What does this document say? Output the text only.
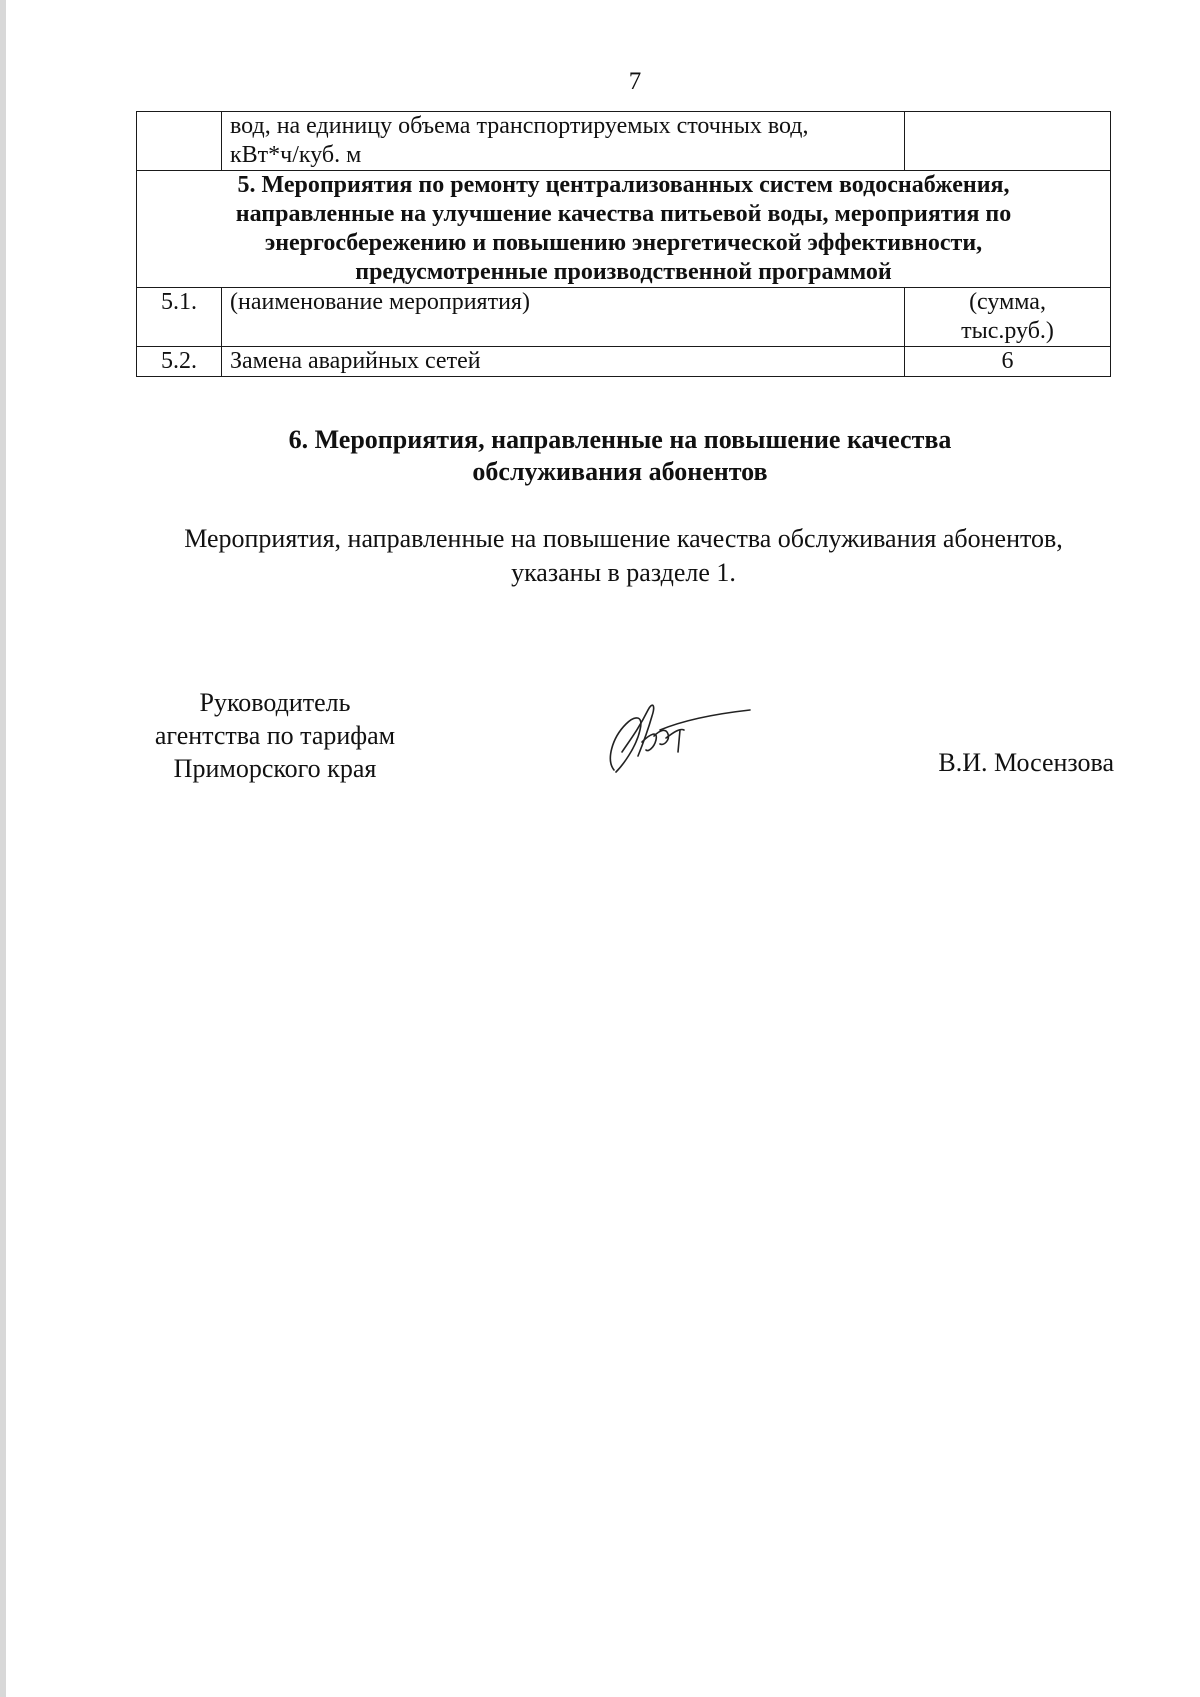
7

	вод, на единицу объема транспортируемых сточных вод,
кВт*ч/куб. м	

5. Мероприятия по ремонту централизованных систем водоснабжения,
направленные на улучшение качества питьевой воды, мероприятия по
энергосбережению и повышению энергетической эффективности,
предусмотренные производственной программой		

5.1.	(наименование мероприятия)	(сумма,
тыс.руб.)

5.2.	Замена аварийных сетей	6
6. Мероприятия, направленные на повышение качества
обслуживания абонентов
Мероприятия, направленные на повышение качества обслуживания абонентов,
указаны в разделе 1.
Руководитель
агентства по тарифам
Приморского края	В.И. Мосензова
